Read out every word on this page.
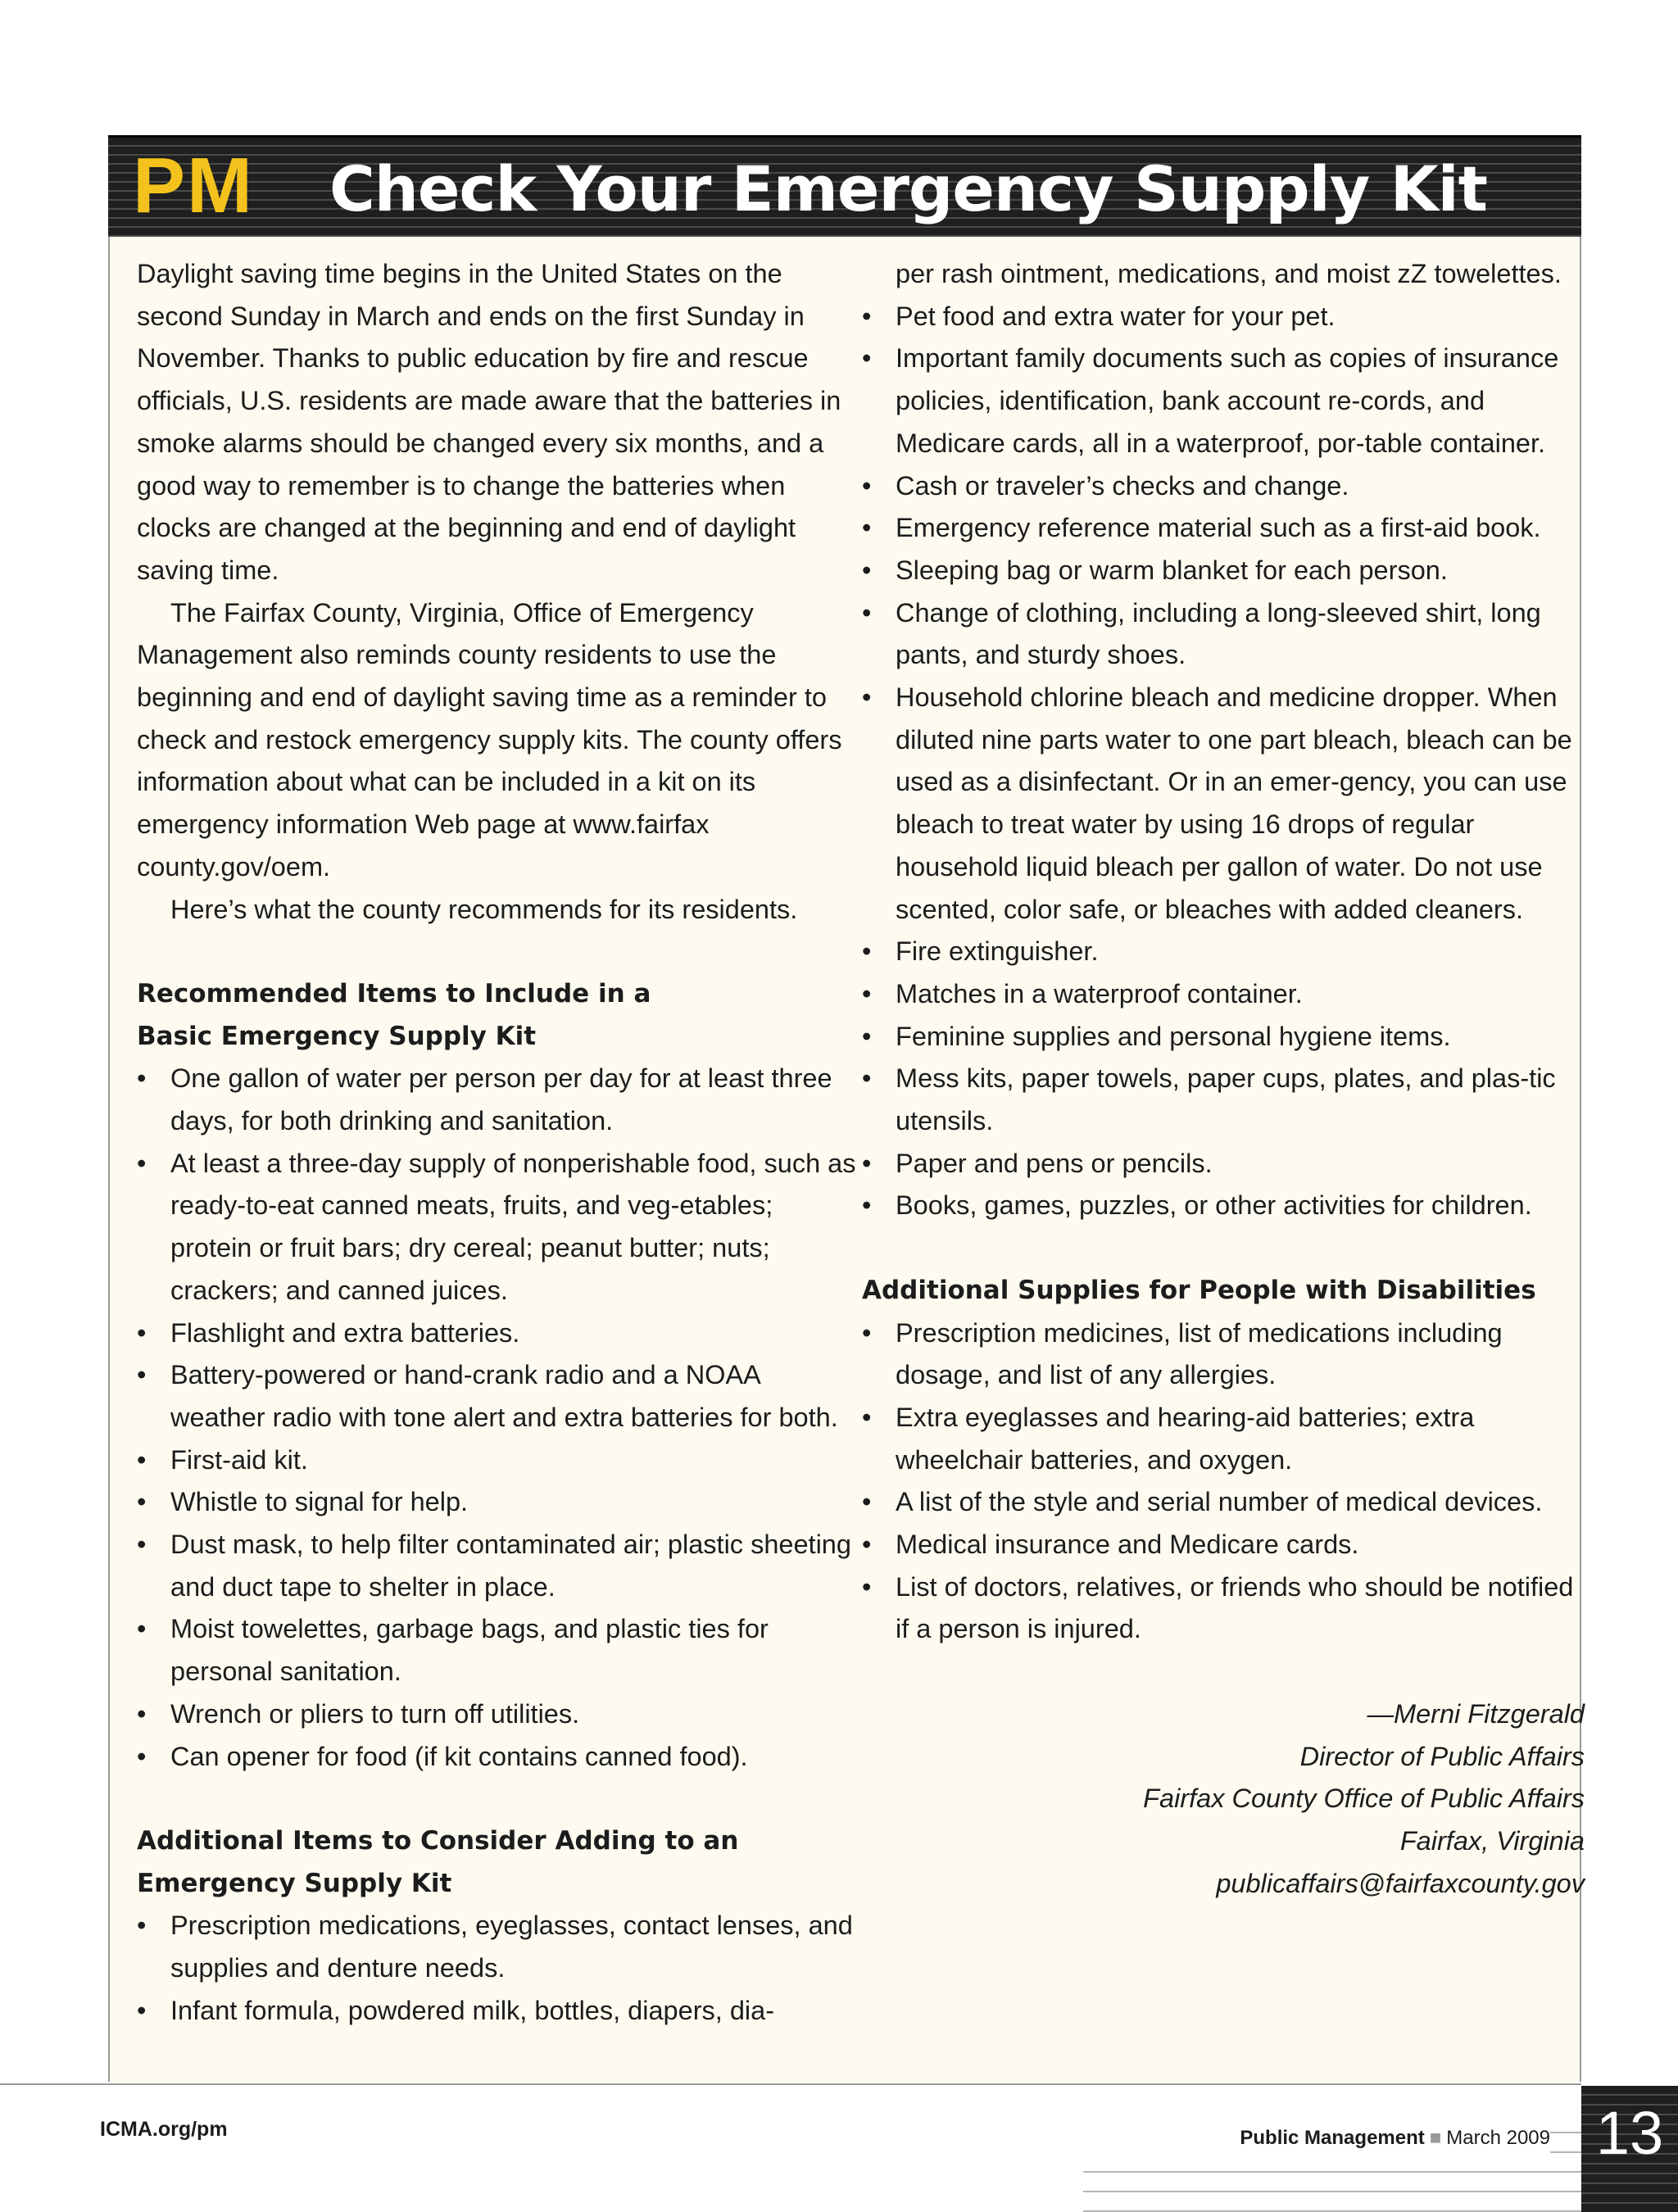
PM Check Your Emergency Supply Kit

Daylight saving time begins in the United States on the second Sunday in March and ends on the first Sunday in November. Thanks to public education by fire and rescue officials, U.S. residents are made aware that the batteries in smoke alarms should be changed every six months, and a good way to remember is to change the batteries when clocks are changed at the beginning and end of daylight saving time.

The Fairfax County, Virginia, Office of Emergency Management also reminds county residents to use the beginning and end of daylight saving time as a reminder to check and restock emergency supply kits. The county offers information about what can be included in a kit on its emergency information Web page at www.fairfax county.gov/oem.

Here’s what the county recommends for its residents.

Recommended Items to Include in a
Basic Emergency Supply Kit
• One gallon of water per person per day for at least three days, for both drinking and sanitation.
• At least a three-day supply of nonperishable food, such as ready-to-eat canned meats, fruits, and veg-etables; protein or fruit bars; dry cereal; peanut butter; nuts; crackers; and canned juices.
• Flashlight and extra batteries.
• Battery-powered or hand-crank radio and a NOAA weather radio with tone alert and extra batteries for both.
• First-aid kit.
• Whistle to signal for help.
• Dust mask, to help filter contaminated air; plastic sheeting and duct tape to shelter in place.
• Moist towelettes, garbage bags, and plastic ties for personal sanitation.
• Wrench or pliers to turn off utilities.
• Can opener for food (if kit contains canned food).
Additional Items to Consider Adding to an
Emergency Supply Kit
• Prescription medications, eyeglasses, contact lenses, and supplies and denture needs.
• Infant formula, powdered milk, bottles, diapers, dia-
per rash ointment, medications, and moist zZ towelettes.
• Pet food and extra water for your pet.
• Important family documents such as copies of insurance policies, identification, bank account re-cords, and Medicare cards, all in a waterproof, por-table container.
• Cash or traveler’s checks and change.
• Emergency reference material such as a first-aid book.
• Sleeping bag or warm blanket for each person.
• Change of clothing, including a long-sleeved shirt, long pants, and sturdy shoes.
• Household chlorine bleach and medicine dropper. When diluted nine parts water to one part bleach, bleach can be used as a disinfectant. Or in an emer-gency, you can use bleach to treat water by using 16 drops of regular household liquid bleach per gallon of water. Do not use scented, color safe, or bleaches with added cleaners.
• Fire extinguisher.
• Matches in a waterproof container.
• Feminine supplies and personal hygiene items.
• Mess kits, paper towels, paper cups, plates, and plas-tic utensils.
• Paper and pens or pencils.
• Books, games, puzzles, or other activities for children.
Additional Supplies for People with Disabilities
• Prescription medicines, list of medications including dosage, and list of any allergies.
• Extra eyeglasses and hearing-aid batteries; extra wheelchair batteries, and oxygen.
• A list of the style and serial number of medical devices.
• Medical insurance and Medicare cards.
• List of doctors, relatives, or friends who should be notified if a person is injured.
—Merni Fitzgerald
Director of Public Affairs
Fairfax County Office of Public Affairs
Fairfax, Virginia
publicaffairs@fairfaxcounty.gov
ICMA.org/pm	Public Management ■ March 2009 13
